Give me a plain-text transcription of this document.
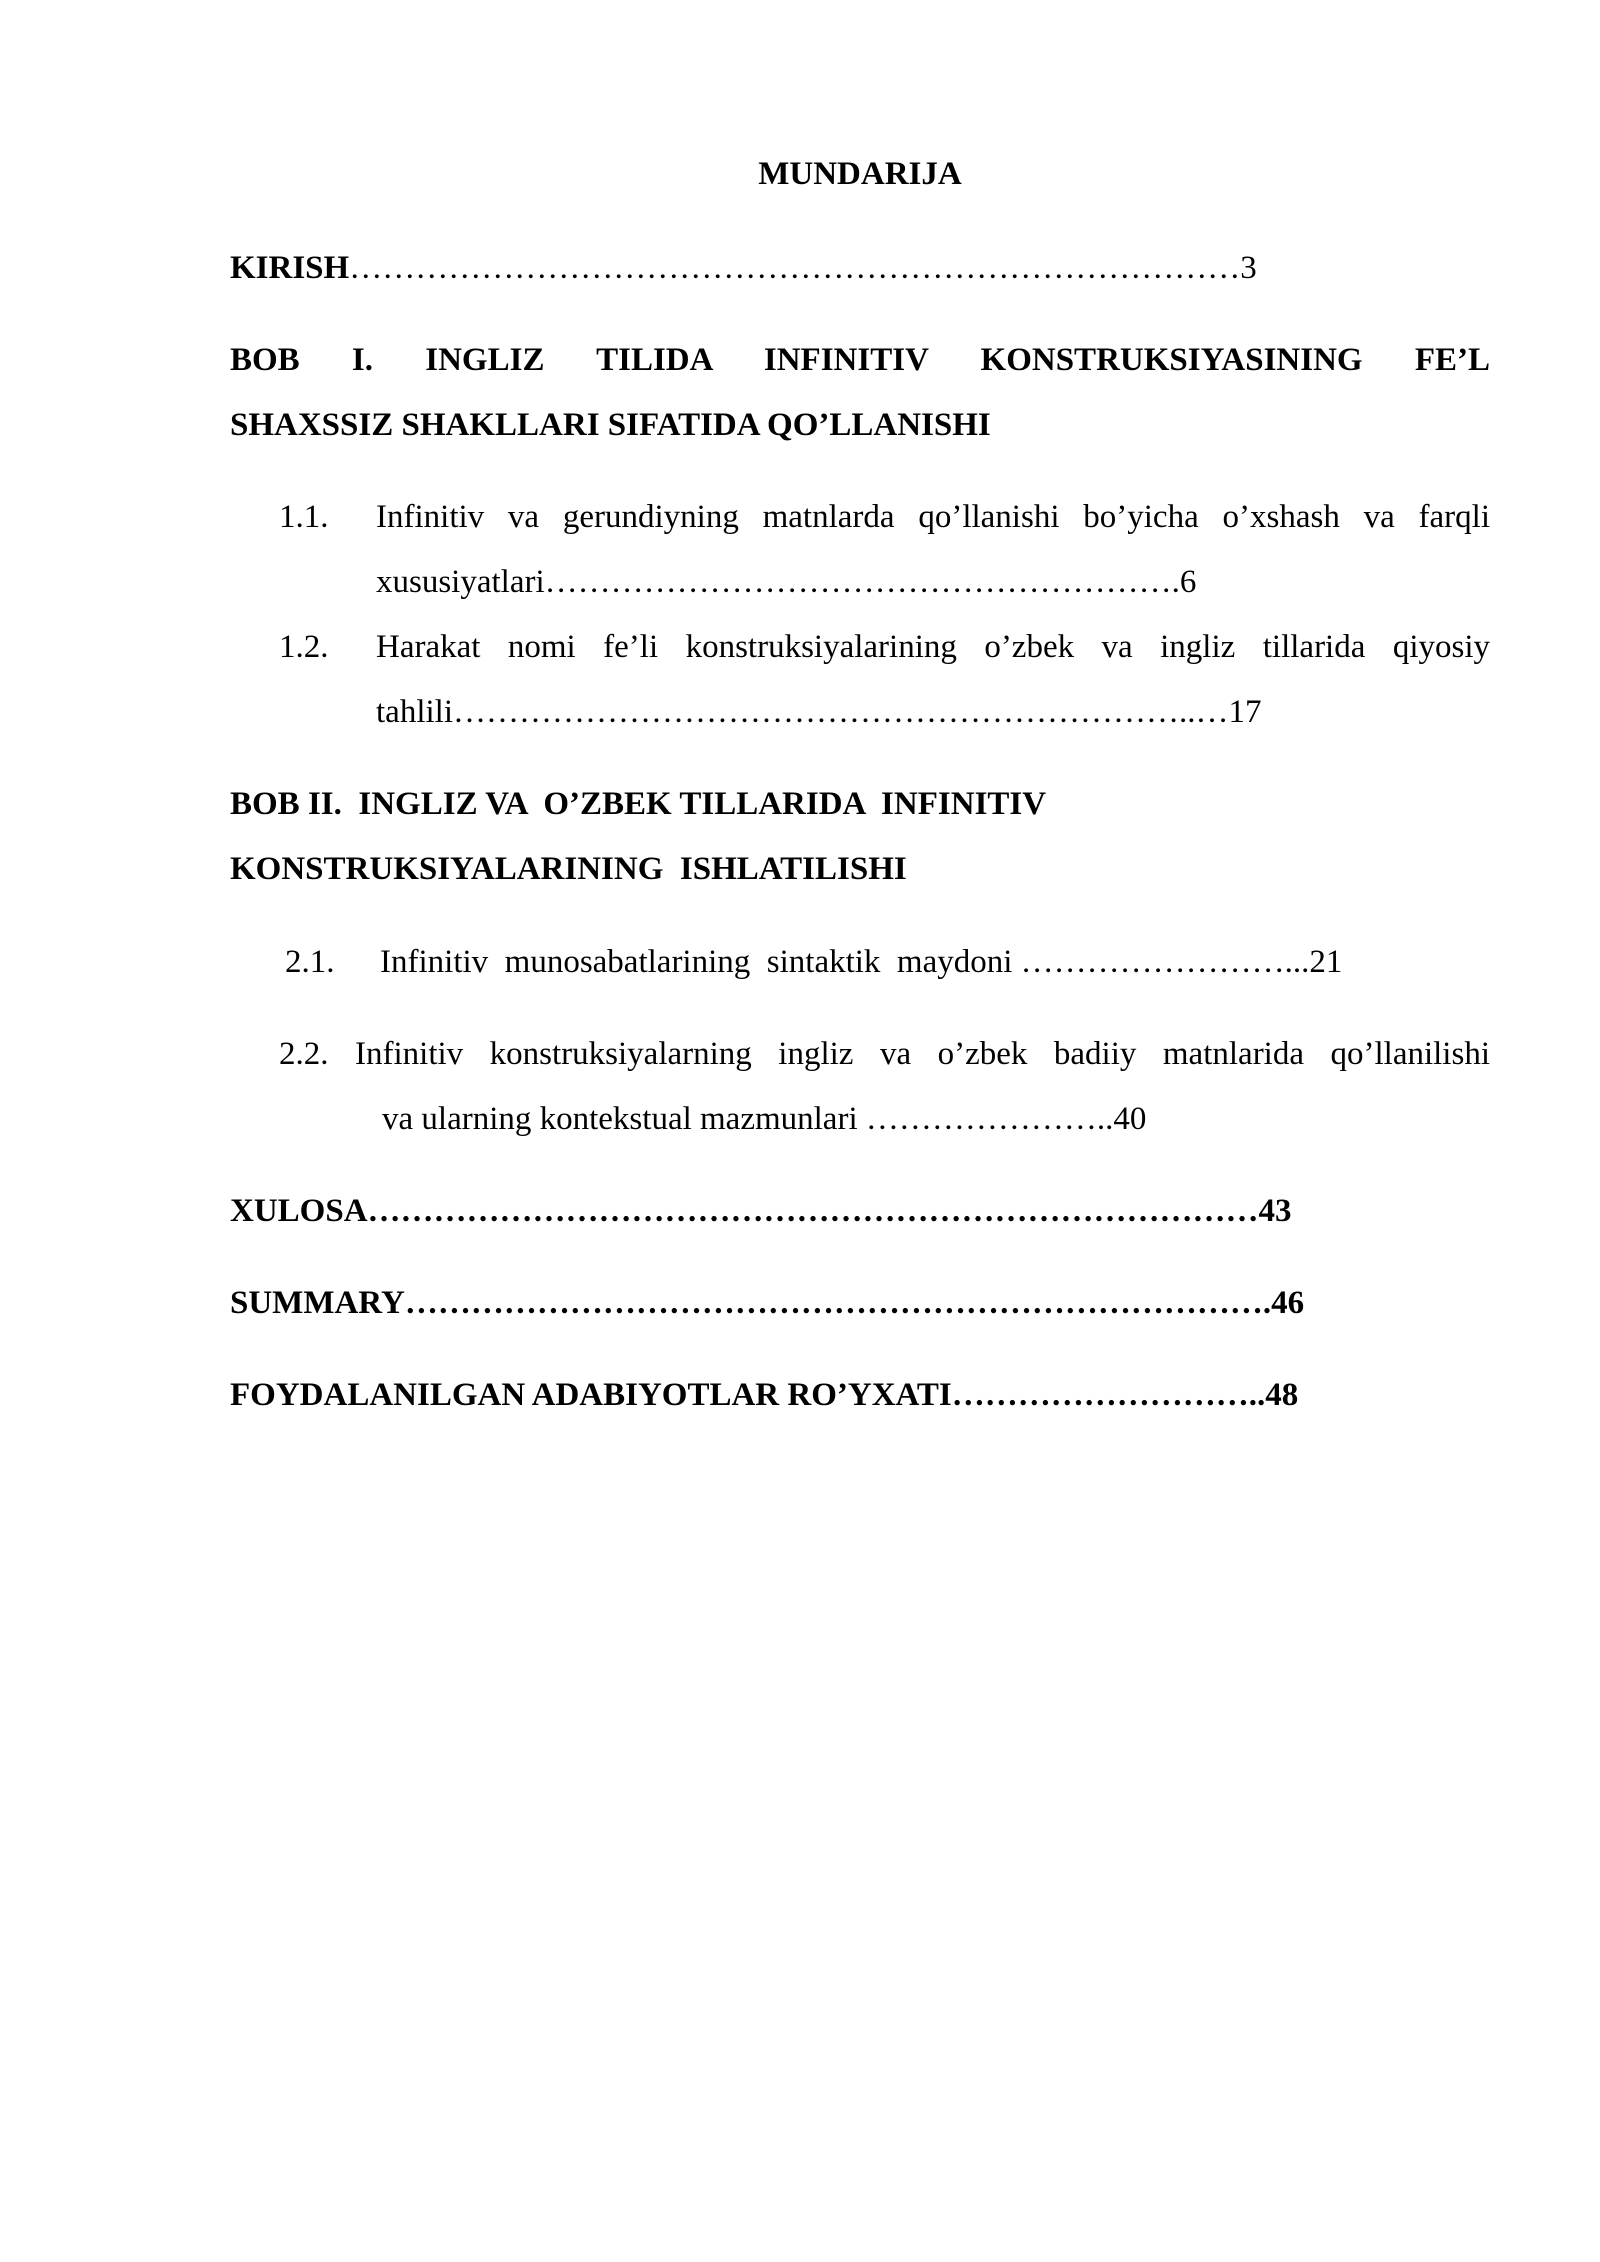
MUNDARIJA
KIRISH………………………………………………………………………3
BOB I. INGLIZ TILIDA INFINITIV KONSTRUKSIYASINING FE’L
SHAXSSIZ SHAKLLARI SIFATIDA QO’LLANISHI
1.1. Infinitiv va gerundiyning matnlarda qo’llanishi bo’yicha o’xshash va farqli
xususiyatlari………………………………………………….6
1.2. Harakat nomi fe’li konstruksiyalarining o’zbek va ingliz tillarida qiyosiy
tahlili…………………………………………………………..…17
BOB II.  INGLIZ VA  O’ZBEK TILLARIDA  INFINITIV
KONSTRUKSIYALARINING  ISHLATILISHI
2.1. Infinitiv  munosabatlarining  sintaktik  maydoni ……………………...21
2.2. Infinitiv konstruksiyalarning ingliz va o’zbek badiiy matnlarida qo’llanilishi
va ularning kontekstual mazmunlari …………………..40
XULOSA………………………………………………………………………43
SUMMARY…………………………………………………………………….46
FOYDALANILGAN ADABIYOTLAR RO’YXATI………………………..48
